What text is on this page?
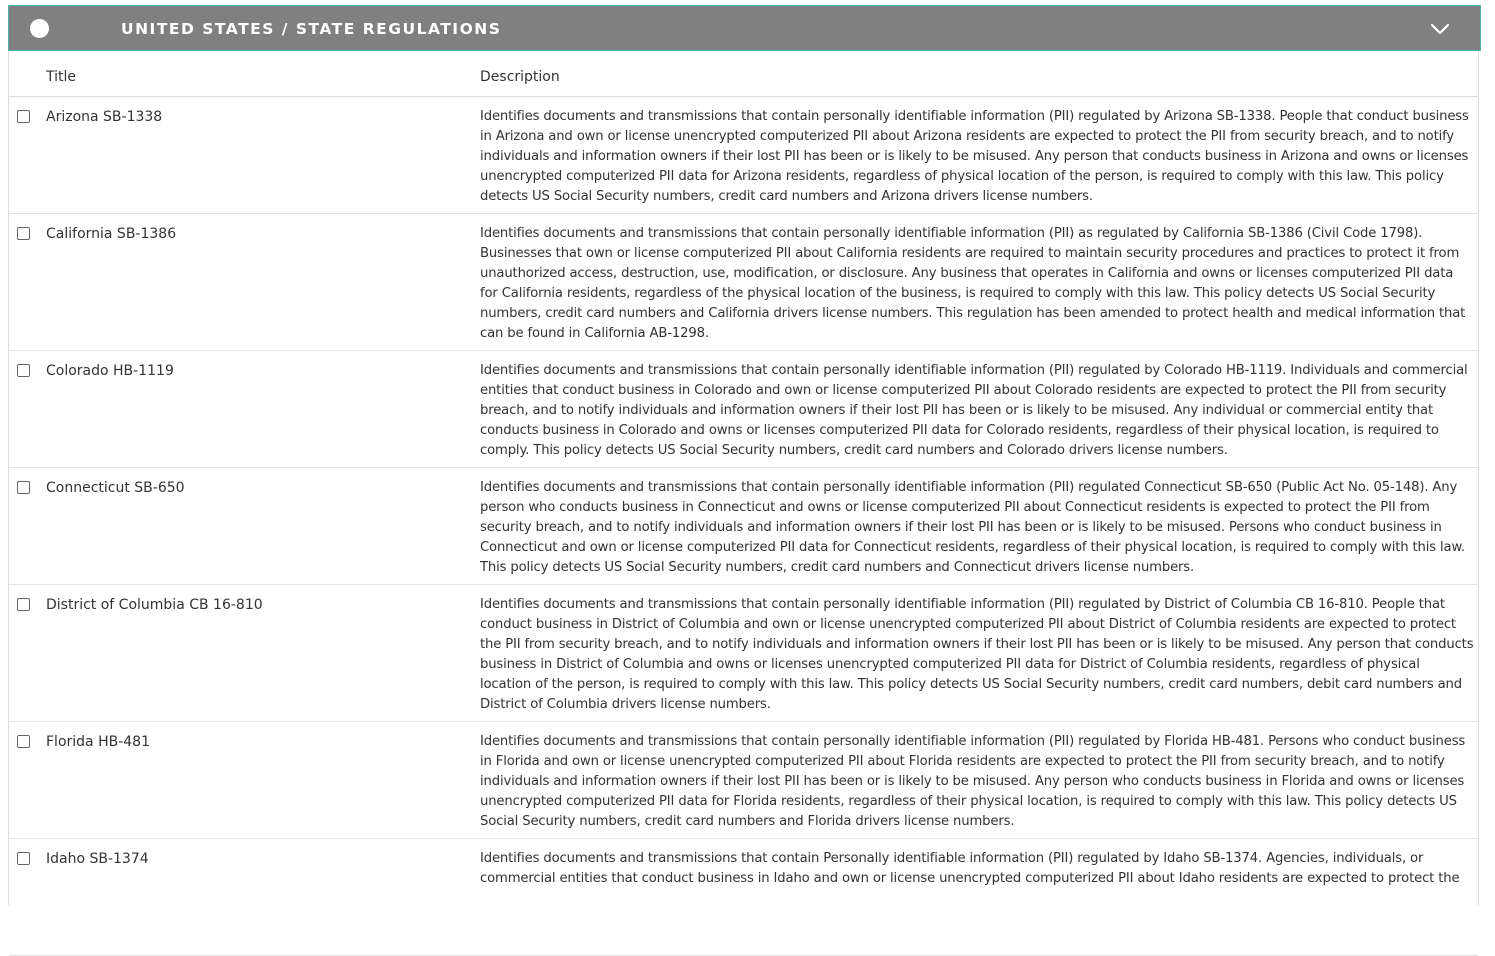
UNITED STATES / STATE REGULATIONS
Title	Description
Arizona SB-1338	Identifies documents and transmissions that contain personally identifiable information (PII) regulated by Arizona SB-1338. People that conduct business in Arizona and own or license unencrypted computerized PII about Arizona residents are expected to protect the PII from security breach, and to notify individuals and information owners if their lost PII has been or is likely to be misused. Any person that conducts business in Arizona and owns or licenses unencrypted computerized PII data for Arizona residents, regardless of physical location of the person, is required to comply with this law. This policy detects US Social Security numbers, credit card numbers and Arizona drivers license numbers.
California SB-1386	Identifies documents and transmissions that contain personally identifiable information (PII) as regulated by California SB-1386 (Civil Code 1798). Businesses that own or license computerized PII about California residents are required to maintain security procedures and practices to protect it from unauthorized access, destruction, use, modification, or disclosure. Any business that operates in California and owns or licenses computerized PII data for California residents, regardless of the physical location of the business, is required to comply with this law. This policy detects US Social Security numbers, credit card numbers and California drivers license numbers. This regulation has been amended to protect health and medical information that can be found in California AB-1298.
Colorado HB-1119	Identifies documents and transmissions that contain personally identifiable information (PII) regulated by Colorado HB-1119. Individuals and commercial entities that conduct business in Colorado and own or license computerized PII about Colorado residents are expected to protect the PII from security breach, and to notify individuals and information owners if their lost PII has been or is likely to be misused. Any individual or commercial entity that conducts business in Colorado and owns or licenses computerized PII data for Colorado residents, regardless of their physical location, is required to comply. This policy detects US Social Security numbers, credit card numbers and Colorado drivers license numbers.
Connecticut SB-650	Identifies documents and transmissions that contain personally identifiable information (PII) regulated Connecticut SB-650 (Public Act No. 05-148). Any person who conducts business in Connecticut and owns or license computerized PII about Connecticut residents is expected to protect the PII from security breach, and to notify individuals and information owners if their lost PII has been or is likely to be misused. Persons who conduct business in Connecticut and own or license computerized PII data for Connecticut residents, regardless of their physical location, is required to comply with this law. This policy detects US Social Security numbers, credit card numbers and Connecticut drivers license numbers.
District of Columbia CB 16-810	Identifies documents and transmissions that contain personally identifiable information (PII) regulated by District of Columbia CB 16-810. People that conduct business in District of Columbia and own or license unencrypted computerized PII about District of Columbia residents are expected to protect the PII from security breach, and to notify individuals and information owners if their lost PII has been or is likely to be misused. Any person that conducts business in District of Columbia and owns or licenses unencrypted computerized PII data for District of Columbia residents, regardless of physical location of the person, is required to comply with this law. This policy detects US Social Security numbers, credit card numbers, debit card numbers and District of Columbia drivers license numbers.
Florida HB-481	Identifies documents and transmissions that contain personally identifiable information (PII) regulated by Florida HB-481. Persons who conduct business in Florida and own or license unencrypted computerized PII about Florida residents are expected to protect the PII from security breach, and to notify individuals and information owners if their lost PII has been or is likely to be misused. Any person who conducts business in Florida and owns or licenses unencrypted computerized PII data for Florida residents, regardless of their physical location, is required to comply with this law. This policy detects US Social Security numbers, credit card numbers and Florida drivers license numbers.
Idaho SB-1374	Identifies documents and transmissions that contain Personally identifiable information (PII) regulated by Idaho SB-1374. Agencies, individuals, or commercial entities that conduct business in Idaho and own or license unencrypted computerized PII about Idaho residents are expected to protect the
